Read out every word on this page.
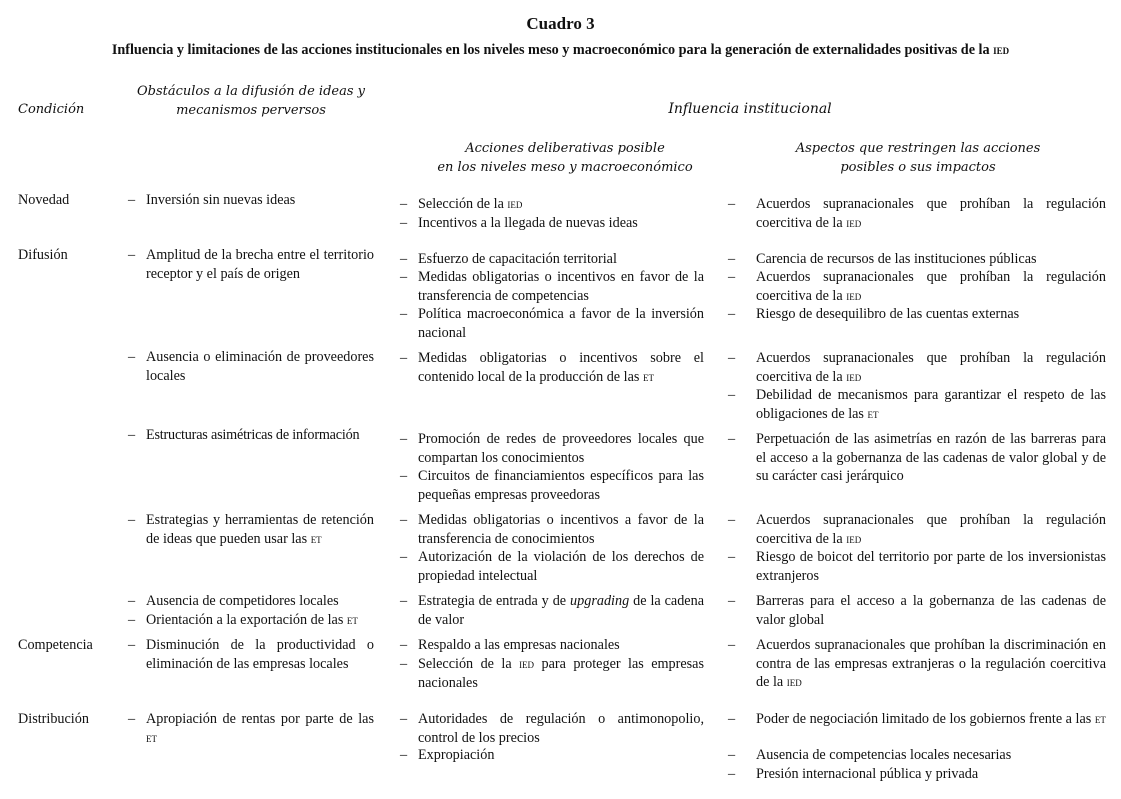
Cuadro 3
Influencia y limitaciones de las acciones institucionales en los niveles meso y macroeconómico para la generación de externalidades positivas de la ied
Condición
Obstáculos a la difusión de ideas y
mecanismos perversos	Influencia institucional
Acciones deliberativas posible
en los niveles meso y macroeconómico
Aspectos que restringen las acciones
posibles o sus impactos
Novedad
Difusión
Competencia
Distribución
– Inversión sin nuevas ideas
– Amplitud de la brecha entre el territorio receptor y el país de origen
– Ausencia o eliminación de proveedores locales
– Estructuras asimétricas de información
– Estrategias y herramientas de retención de ideas que pueden usar las et
– Ausencia de competidores locales
– Orientación a la exportación de las et
– Disminución de la productividad o eliminación de las empresas locales
– Apropiación de rentas por parte de las et
– Selección de la ied
– Incentivos a la llegada de nuevas ideas
– Esfuerzo de capacitación territorial
– Medidas obligatorias o incentivos en favor de la transferencia de competencias
– Política macroeconómica a favor de la inversión nacional
– Medidas obligatorias o incentivos sobre el contenido local de la producción de las et
– Promoción de redes de proveedores locales que compartan los conocimientos
– Circuitos de financiamientos específicos para las pequeñas empresas proveedoras
– Medidas obligatorias o incentivos a favor de la transferencia de conocimientos
– Autorización de la violación de los derechos de propiedad intelectual
– Estrategia de entrada y de upgrading de la cadena de valor
– Respaldo a las empresas nacionales
– Selección de la ied para proteger las empresas nacionales
– Autoridades de regulación o antimonopolio, control de los precios
– Expropiación
– Acuerdos supranacionales que prohíban la regulación coercitiva de la ied
– Carencia de recursos de las instituciones públicas
– Acuerdos supranacionales que prohíban la regulación coercitiva de la ied
– Riesgo de desequilibro de las cuentas externas
– Acuerdos supranacionales que prohíban la regulación coercitiva de la ied
– Debilidad de mecanismos para garantizar el respeto de las obligaciones de las et
– Perpetuación de las asimetrías en razón de las barreras para el acceso a la gobernanza de las cadenas de valor global y de su carácter casi jerárquico
– Acuerdos supranacionales que prohíban la regulación coercitiva de la ied
– Riesgo de boicot del territorio por parte de los inversionistas extranjeros
– Barreras para el acceso a la gobernanza de las cadenas de valor global
– Acuerdos supranacionales que prohíban la discriminación en contra de las empresas extranjeras o la regulación coercitiva de la ied
– Poder de negociación limitado de los gobiernos frente a las et
– Ausencia de competencias locales necesarias
– Presión internacional pública y privada
